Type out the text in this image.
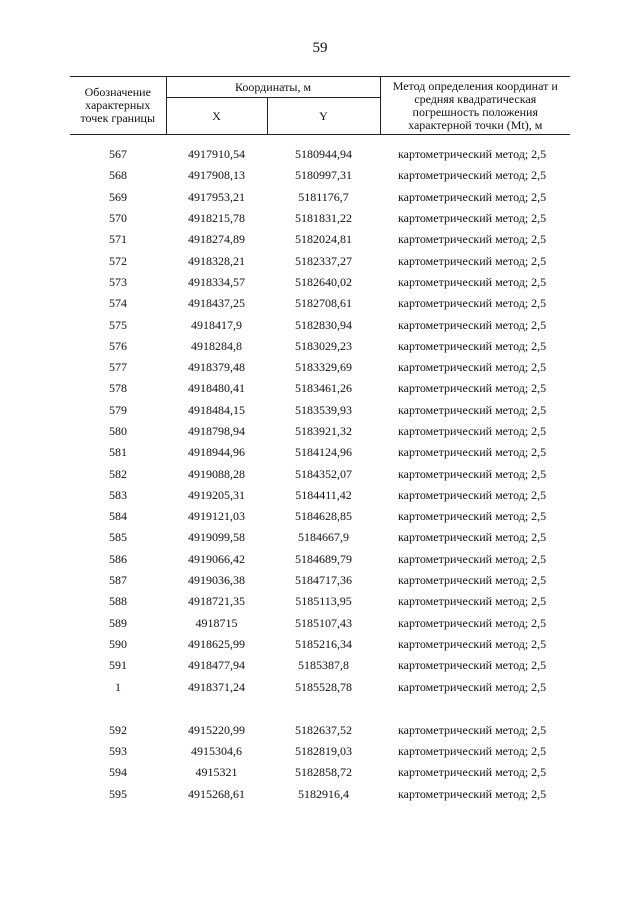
59
Обозначение характерных точек границы	Координаты, м		Метод определения координат и средняя квадратическая погрешность положения характерной точки (Mt), м
	X	Y	

567	4917910,54	5180944,94	картометрический метод; 2,5
568	4917908,13	5180997,31	картометрический метод; 2,5
569	4917953,21	5181176,7	картометрический метод; 2,5
570	4918215,78	5181831,22	картометрический метод; 2,5
571	4918274,89	5182024,81	картометрический метод; 2,5
572	4918328,21	5182337,27	картометрический метод; 2,5
573	4918334,57	5182640,02	картометрический метод; 2,5
574	4918437,25	5182708,61	картометрический метод; 2,5
575	4918417,9	5182830,94	картометрический метод; 2,5
576	4918284,8	5183029,23	картометрический метод; 2,5
577	4918379,48	5183329,69	картометрический метод; 2,5
578	4918480,41	5183461,26	картометрический метод; 2,5
579	4918484,15	5183539,93	картометрический метод; 2,5
580	4918798,94	5183921,32	картометрический метод; 2,5
581	4918944,96	5184124,96	картометрический метод; 2,5
582	4919088,28	5184352,07	картометрический метод; 2,5
583	4919205,31	5184411,42	картометрический метод; 2,5
584	4919121,03	5184628,85	картометрический метод; 2,5
585	4919099,58	5184667,9	картометрический метод; 2,5
586	4919066,42	5184689,79	картометрический метод; 2,5
587	4919036,38	5184717,36	картометрический метод; 2,5
588	4918721,35	5185113,95	картометрический метод; 2,5
589	4918715	5185107,43	картометрический метод; 2,5
590	4918625,99	5185216,34	картометрический метод; 2,5
591	4918477,94	5185387,8	картометрический метод; 2,5
1	4918371,24	5185528,78	картометрический метод; 2,5

592	4915220,99	5182637,52	картометрический метод; 2,5
593	4915304,6	5182819,03	картометрический метод; 2,5
594	4915321	5182858,72	картометрический метод; 2,5
595	4915268,61	5182916,4	картометрический метод; 2,5
